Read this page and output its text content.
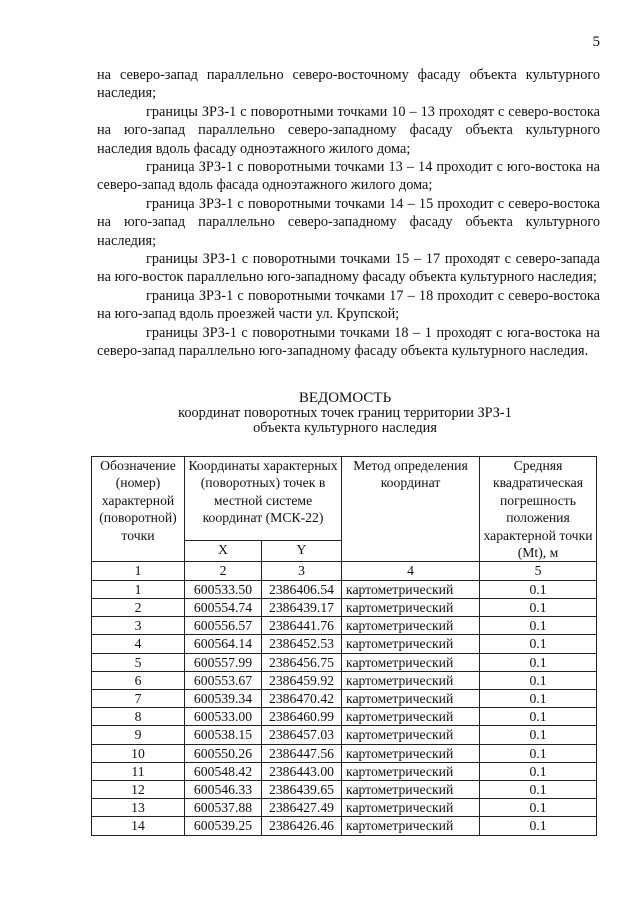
5

на северо-запад параллельно северо-восточному фасаду объекта культурного наследия;

границы ЗРЗ-1 с поворотными точками 10 – 13 проходят с северо-востока на юго-запад параллельно северо-западному фасаду объекта культурного наследия вдоль фасаду одноэтажного жилого дома;

граница ЗРЗ-1 с поворотными точками 13 – 14 проходит с юго-востока на северо-запад вдоль фасада одноэтажного жилого дома;

граница ЗРЗ-1 с поворотными точками 14 – 15 проходит с северо-востока на юго-запад параллельно северо-западному фасаду объекта культурного наследия;

границы ЗРЗ-1 с поворотными точками 15 – 17 проходят с северо-запада на юго-восток параллельно юго-западному фасаду объекта культурного наследия;

граница ЗРЗ-1 с поворотными точками 17 – 18 проходит с северо-востока на юго-запад вдоль проезжей части ул. Крупской;

границы ЗРЗ-1 с поворотными точками 18 – 1 проходят с юга-востока на северо-запад параллельно юго-западному фасаду объекта культурного наследия.

ВЕДОМОСТЬ
координат поворотных точек границ территории ЗРЗ-1
объекта культурного наследия
Обозначение (номер) характерной (поворотной) точки	Координаты характерных (поворотных) точек в местной системе координат (МСК-22)		Метод определения координат	Средняя квадратическая погрешность положения характерной точки (Mt), м
	X	Y		
1	2	3	4	5
1	600533.50	2386406.54	картометрический	0.1
2	600554.74	2386439.17	картометрический	0.1
3	600556.57	2386441.76	картометрический	0.1
4	600564.14	2386452.53	картометрический	0.1
5	600557.99	2386456.75	картометрический	0.1
6	600553.67	2386459.92	картометрический	0.1
7	600539.34	2386470.42	картометрический	0.1
8	600533.00	2386460.99	картометрический	0.1
9	600538.15	2386457.03	картометрический	0.1
10	600550.26	2386447.56	картометрический	0.1
11	600548.42	2386443.00	картометрический	0.1
12	600546.33	2386439.65	картометрический	0.1
13	600537.88	2386427.49	картометрический	0.1
14	600539.25	2386426.46	картометрический	0.1
